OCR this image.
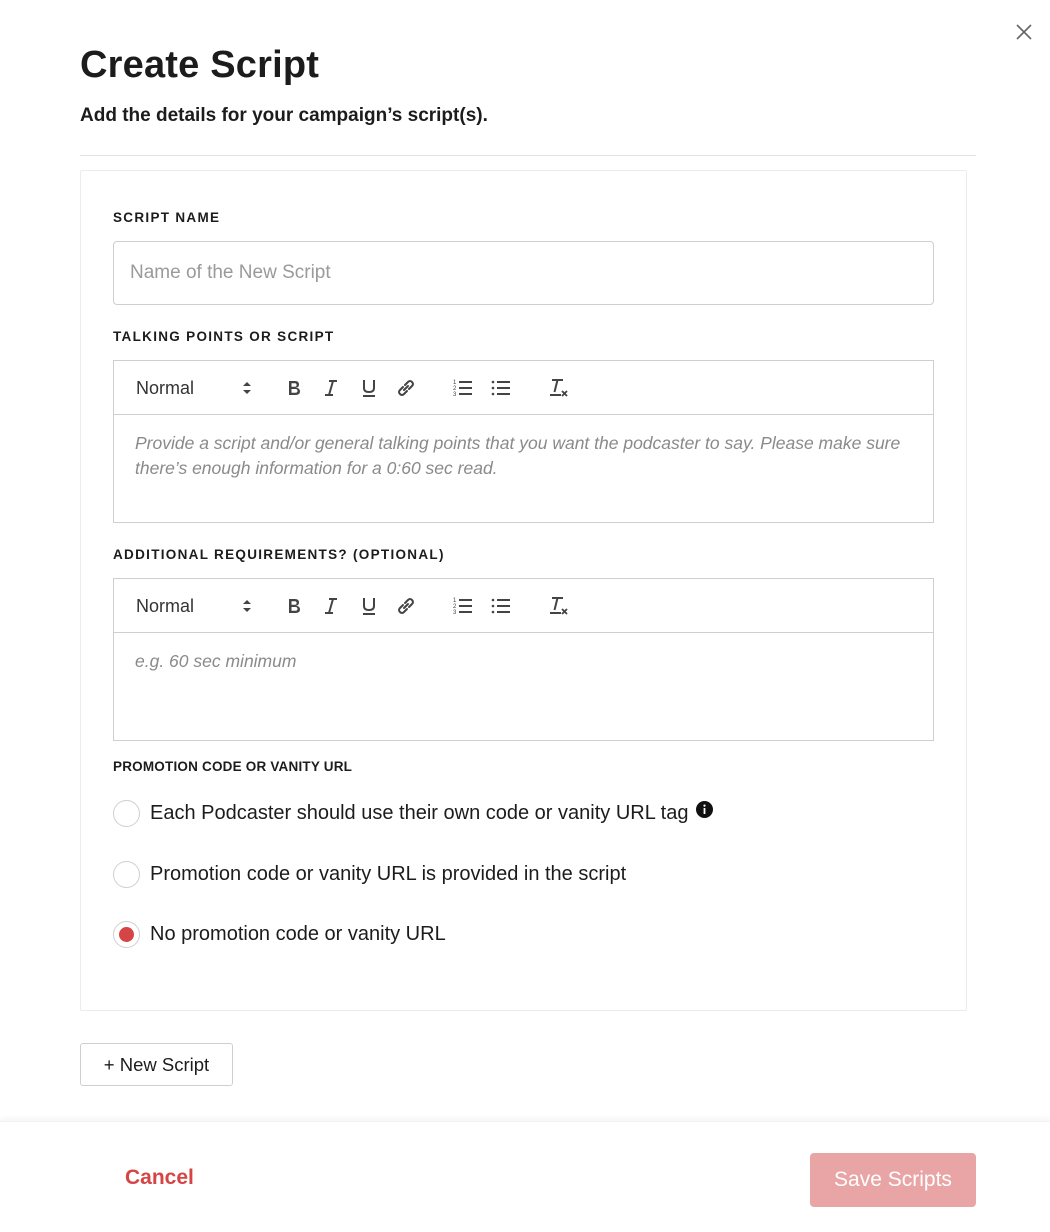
Create Script

Add the details for your campaign’s script(s).

SCRIPT NAME
Name of the New Script
TALKING POINTS OR SCRIPT
Normal	1
2
3
Provide a script and/or general talking points that you want the podcaster to say. Please make sure there’s enough information for a 0:60 sec read.
ADDITIONAL REQUIREMENTS? (OPTIONAL)
Normal	1
2
3
e.g. 60 sec minimum
PROMOTION CODE OR VANITY URL
Each Podcaster should use their own code or vanity URL tag
Promotion code or vanity URL is provided in the script
No promotion code or vanity URL
+ New Script
Cancel	Save Scripts
